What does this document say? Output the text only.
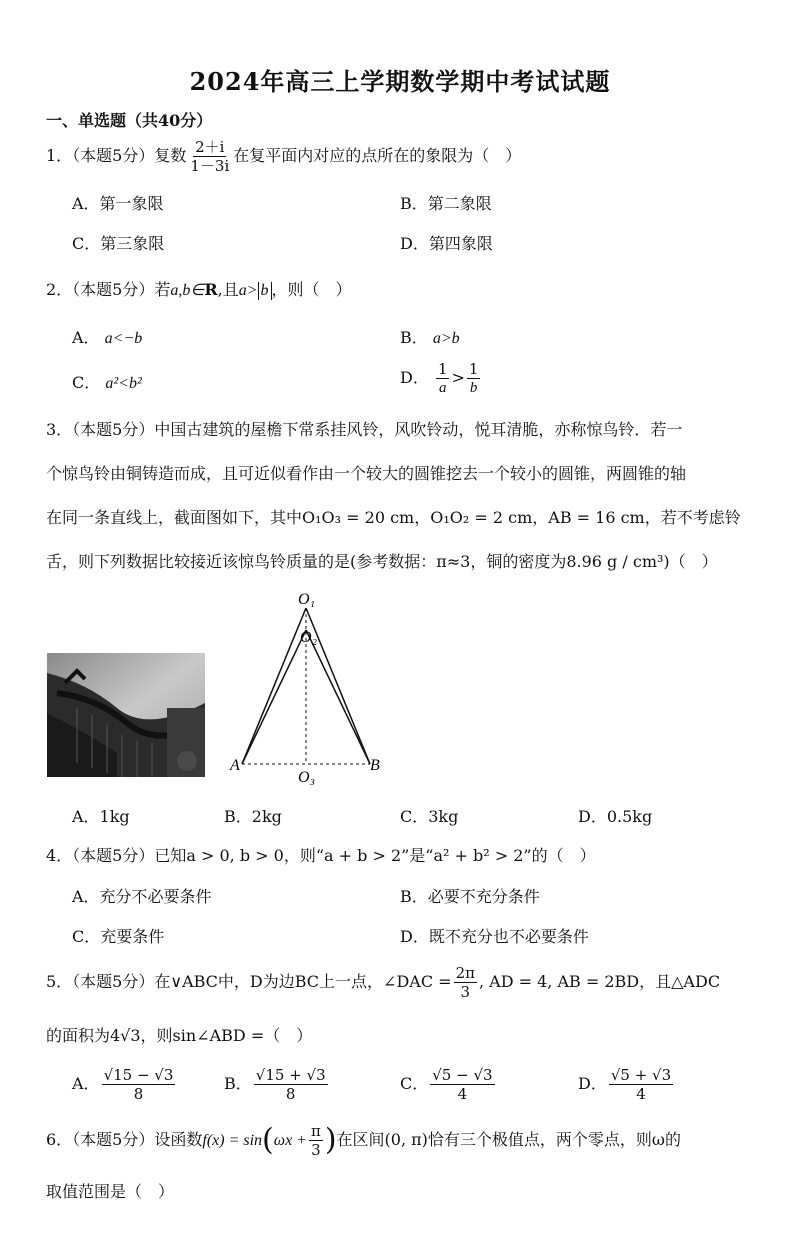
2024年高三上学期数学期中考试试题
一、单选题（共40分）
1．（本题5分）复数 $\frac{2+i}{1-3i}$ 在复平面内对应的点所在的象限为（　）
A．第一象限	B．第二象限
C．第三象限	D．第四象限
2．（本题5分）若a,b∈R,且a> b ，则（　）
A． a<−b	B． a>b
C． a²<b²	D． $\frac{1}{a} > \frac{1}{b}$
3．（本题5分）中国古建筑的屋檐下常系挂风铃，风吹铃动，悦耳清脆，亦称惊鸟铃．若一
个惊鸟铃由铜铸造而成，且可近似看作由一个较大的圆锥挖去一个较小的圆锥，两圆锥的轴
在同一条直线上，截面图如下，其中O₁O₃ = 20 cm，O₁O₂ = 2 cm，AB = 16 cm，若不考虑铃
舌，则下列数据比较接近该惊鸟铃质量的是(参考数据：π≈3，铜的密度为8.96 g / cm³)（　）
O₁
O₂
O₃
A	B
A．1kg	B．2kg	C．3kg	D．0.5kg
4．（本题5分）已知a > 0, b > 0，则“a + b > 2”是“a² + b² > 2”的（　）
A．充分不必要条件	B．必要不充分条件
C．充要条件	D．既不充分也不必要条件
5．（本题5分）在∨ABC中，D为边BC上一点，∠DAC = $\frac{2\pi}{3}$ , AD = 4, AB = 2BD，且△ADC
的面积为4√3，则sin∠ABD =（　）
A． $\frac{√15 - √3}{8}$	B． $\frac{√15 + √3}{8}$	C． $\frac{√5 - √3}{4}$	D． $\frac{√5 + √3}{4}$
6．（本题5分）设函数$f(x) = \sin(\omega x + \frac{\pi}{3}$ )在区间(0, π)恰有三个极值点，两个零点，则ω的
取值范围是（　）
